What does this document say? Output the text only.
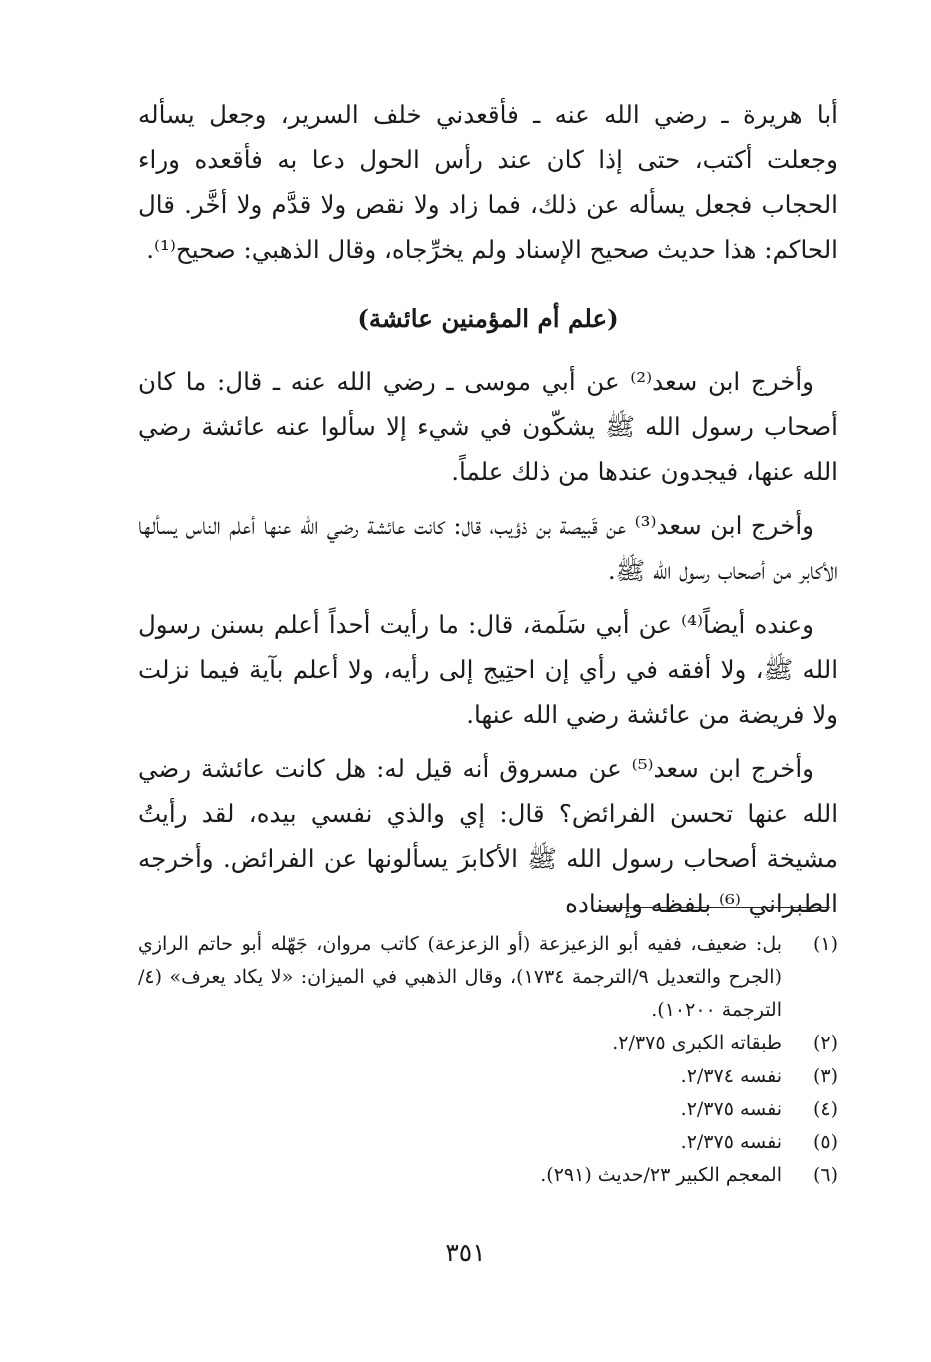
أبا هريرة ـ رضي الله عنه ـ فأقعدني خلف السرير، وجعل يسأله وجعلت أكتب، حتى إذا كان عند رأس الحول دعا به فأقعده وراء الحجاب فجعل يسأله عن ذلك، فما زاد ولا نقص ولا قدَّم ولا أخَّر. قال الحاكم: هذا حديث صحيح الإسناد ولم يخرِّجاه، وقال الذهبي: صحيح⁽¹⁾.

(علم أم المؤمنين عائشة)

وأخرج ابن سعد⁽²⁾ عن أبي موسى ـ رضي الله عنه ـ قال: ما كان أصحاب رسول الله ﷺ يشكّون في شيء إلا سألوا عنه عائشة رضي الله عنها، فيجدون عندها من ذلك علماً.

وأخرج ابن سعد⁽³⁾ عن قَبيصة بن ذؤيب، قال: كانت عائشة رضي الله عنها أعلم الناس يسألها الأكابر من أصحاب رسول الله ﷺ.

وعنده أيضاً⁽⁴⁾ عن أبي سَلَمة، قال: ما رأيت أحداً أعلم بسنن رسول الله ﷺ، ولا أفقه في رأي إن احتِيج إلى رأيه، ولا أعلم بآية فيما نزلت ولا فريضة من عائشة رضي الله عنها.

وأخرج ابن سعد⁽⁵⁾ عن مسروق أنه قيل له: هل كانت عائشة رضي الله عنها تحسن الفرائض؟ قال: إي والذي نفسي بيده، لقد رأيتُ مشيخة أصحاب رسول الله ﷺ الأكابرَ يسألونها عن الفرائض. وأخرجه الطبراني ⁽⁶⁾ بلفظه وإسناده

(١)
بل: ضعيف، ففيه أبو الزعيزعة (أو الزعزعة) كاتب مروان، جَهّله أبو حاتم الرازي (الجرح والتعديل ٩/الترجمة ١٧٣٤)، وقال الذهبي في الميزان: «لا يكاد يعرف» (٤/الترجمة ١٠٢٠٠).
(٢)
طبقاته الكبرى ٢/٣٧٥.
(٣)
نفسه ٢/٣٧٤.
(٤)
نفسه ٢/٣٧٥.
(٥)
نفسه ٢/٣٧٥.
(٦)
المعجم الكبير ٢٣/حديث (٢٩١).
٣٥١
